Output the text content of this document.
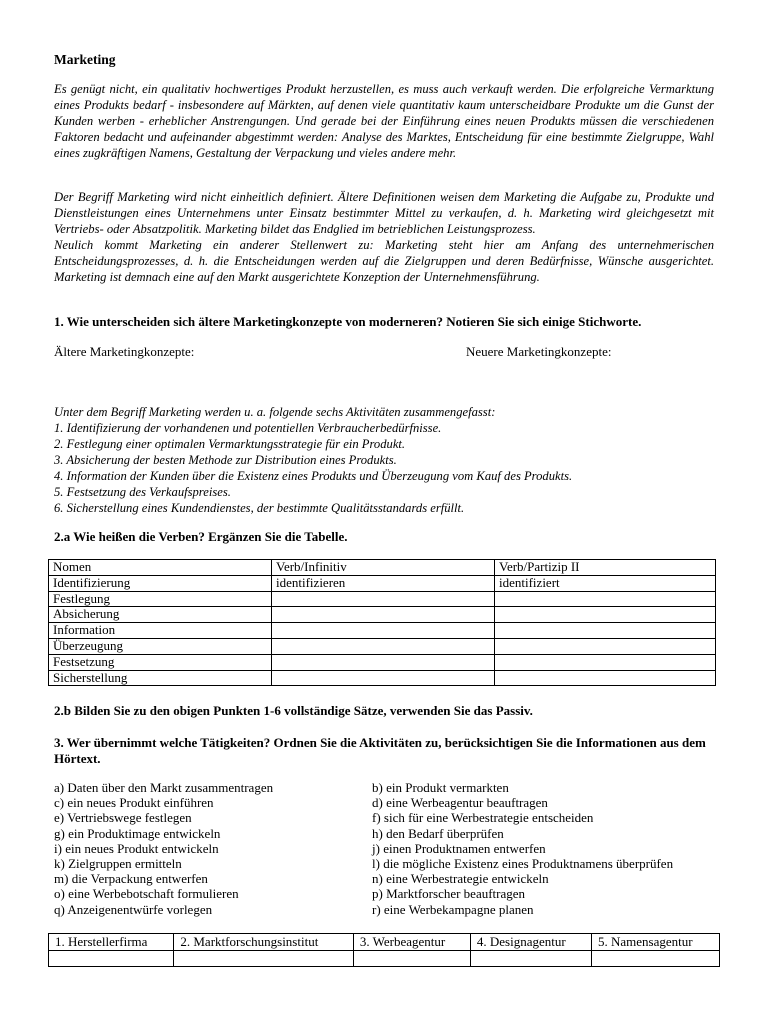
Marketing

Es genügt nicht, ein qualitativ hochwertiges Produkt herzustellen, es muss auch verkauft werden. Die erfolgreiche Vermarktung eines Produkts bedarf - insbesondere auf Märkten, auf denen viele quantitativ kaum unterscheidbare Produkte um die Gunst der Kunden werben - erheblicher Anstrengungen. Und gerade bei der Einführung eines neuen Produkts müssen die verschiedenen Faktoren bedacht und aufeinander abgestimmt werden: Analyse des Marktes, Entscheidung für eine bestimmte Zielgruppe, Wahl eines zugkräftigen Namens, Gestaltung der Verpackung und vieles andere mehr.

Der Begriff Marketing wird nicht einheitlich definiert. Ältere Definitionen weisen dem Marketing die Aufgabe zu, Produkte und Dienstleistungen eines Unternehmens unter Einsatz bestimmter Mittel zu verkaufen, d. h. Marketing wird gleichgesetzt mit Vertriebs- oder Absatzpolitik. Marketing bildet das Endglied im betrieblichen Leistungsprozess.

Neulich kommt Marketing ein anderer Stellenwert zu: Marketing steht hier am Anfang des unternehmerischen Entscheidungsprozesses, d. h. die Entscheidungen werden auf die Zielgruppen und deren Bedürfnisse, Wünsche ausgerichtet. Marketing ist demnach eine auf den Markt ausgerichtete Konzeption der Unternehmensführung.

1. Wie unterscheiden sich ältere Marketingkonzepte von moderneren? Notieren Sie sich einige Stichworte.
Ältere Marketingkonzepte:	Neuere Marketingkonzepte:

Unter dem Begriff Marketing werden u. a. folgende sechs Aktivitäten zusammengefasst:

1. Identifizierung der vorhandenen und potentiellen Verbraucherbedürfnisse.

2. Festlegung einer optimalen Vermarktungsstrategie für ein Produkt.

3. Absicherung der besten Methode zur Distribution eines Produkts.

4. Information der Kunden über die Existenz eines Produkts und Überzeugung vom Kauf des Produkts.

5. Festsetzung des Verkaufspreises.

6. Sicherstellung eines Kundendienstes, der bestimmte Qualitätsstandards erfüllt.

2.a Wie heißen die Verben? Ergänzen Sie die Tabelle.
Nomen	Verb/Infinitiv	Verb/Partizip II
Identifizierung	identifizieren	identifiziert
Festlegung		
Absicherung		
Information		
Überzeugung		
Festsetzung		
Sicherstellung		
2.b Bilden Sie zu den obigen Punkten 1-6 vollständige Sätze, verwenden Sie das Passiv.
3. Wer übernimmt welche Tätigkeiten? Ordnen Sie die Aktivitäten zu, berücksichtigen Sie die Informationen aus dem Hörtext.
a) Daten über den Markt zusammentragen	b) ein Produkt vermarkten
c) ein neues Produkt einführen	d) eine Werbeagentur beauftragen
e) Vertriebswege festlegen	f) sich für eine Werbestrategie entscheiden
g) ein Produktimage entwickeln	h) den Bedarf überprüfen
i) ein neues Produkt entwickeln	j) einen Produktnamen entwerfen
k) Zielgruppen ermitteln	l) die mögliche Existenz eines Produktnamens überprüfen
m) die Verpackung entwerfen	n) eine Werbestrategie entwickeln
o) eine Werbebotschaft formulieren	p) Marktforscher beauftragen
q) Anzeigenentwürfe vorlegen	r) eine Werbekampagne planen
1. Herstellerfirma	2. Marktforschungsinstitut	3. Werbeagentur	4. Designagentur	5. Namensagentur
